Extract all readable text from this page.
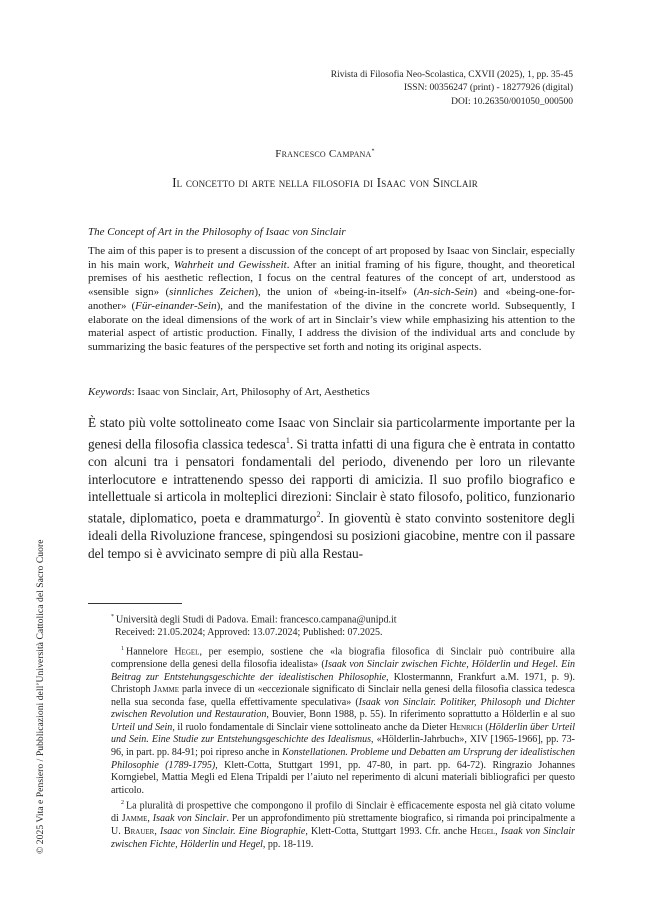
Rivista di Filosofia Neo-Scolastica, CXVII (2025), 1, pp. 35-45
ISSN: 00356247 (print) - 18277926 (digital)
DOI: 10.26350/001050_000500
Francesco Campana*
Il concetto di arte nella filosofia di Isaac von Sinclair
The Concept of Art in the Philosophy of Isaac von Sinclair

The aim of this paper is to present a discussion of the concept of art proposed by Isaac von Sinclair, especially in his main work, Wahrheit und Gewissheit. After an initial framing of his figure, thought, and theoretical premises of his aesthetic reflection, I focus on the central features of the concept of art, understood as «sensible sign» (sinnliches Zeichen), the union of «being-in-itself» (An-sich-Sein) and «being-one-for-another» (Für-einander-Sein), and the manifestation of the divine in the concrete world. Subsequently, I elaborate on the ideal dimensions of the work of art in Sinclair’s view while emphasizing his attention to the material aspect of artistic production. Finally, I address the division of the individual arts and conclude by summarizing the basic features of the perspective set forth and noting its original aspects.

Keywords: Isaac von Sinclair, Art, Philosophy of Art, Aesthetics

È stato più volte sottolineato come Isaac von Sinclair sia particolarmente importante per la genesi della filosofia classica tedesca$^1$. Si tratta infatti di una figura che è entrata in contatto con alcuni tra i pensatori fondamentali del periodo, divenendo per loro un rilevante interlocutore e intrattenendo spesso dei rapporti di amicizia. Il suo profilo biografico e intellettuale si articola in molteplici direzioni: Sinclair è stato filosofo, politico, funzionario statale, diplomatico, poeta e drammaturgo$^2$. In gioventù è stato convinto sostenitore degli ideali della Rivoluzione francese, spingendosi su posizioni giacobine, mentre con il passare del tempo si è avvicinato sempre di più alla Restau-

* Università degli Studi di Padova. Email: francesco.campana@unipd.it
Received: 21.05.2024; Approved: 13.07.2024; Published: 07.2025.

$^1$ Hannelore Hegel, per esempio, sostiene che «la biografia filosofica di Sinclair può contribuire alla comprensione della genesi della filosofia idealista» (Isaak von Sinclair zwischen Fichte, Hölderlin und Hegel. Ein Beitrag zur Entstehungsgeschichte der idealistischen Philosophie, Klostermannn, Frankfurt a.M. 1971, p. 9). Christoph Jamme parla invece di un «eccezionale significato di Sinclair nella genesi della filosofia classica tedesca nella sua seconda fase, quella effettivamente speculativa» (Isaak von Sinclair. Politiker, Philosoph und Dichter zwischen Revolution und Restauration, Bouvier, Bonn 1988, p. 55). In riferimento soprattutto a Hölderlin e al suo Urteil und Sein, il ruolo fondamentale di Sinclair viene sottolineato anche da Dieter Henrich (Hölderlin über Urteil und Sein. Eine Studie zur Entstehungsgeschichte des Idealismus, «Hölderlin-Jahrbuch», XIV [1965-1966], pp. 73-96, in part. pp. 84-91; poi ripreso anche in Konstellationen. Probleme und Debatten am Ursprung der idealistischen Philosophie (1789-1795), Klett-Cotta, Stuttgart 1991, pp. 47-80, in part. pp. 64-72). Ringrazio Johannes Korngiebel, Mattia Megli ed Elena Tripaldi per l’aiuto nel reperimento di alcuni materiali bibliografici per questo articolo.

$^2$ La pluralità di prospettive che compongono il profilo di Sinclair è efficacemente esposta nel già citato volume di Jamme, Isaak von Sinclair. Per un approfondimento più strettamente biografico, si rimanda poi principalmente a U. Brauer, Isaac von Sinclair. Eine Biographie, Klett-Cotta, Stuttgart 1993. Cfr. anche Hegel, Isaak von Sinclair zwischen Fichte, Hölderlin und Hegel, pp. 18-119.

© 2025 Vita e Pensiero / Pubblicazioni dell’Università Cattolica del Sacro Cuore
